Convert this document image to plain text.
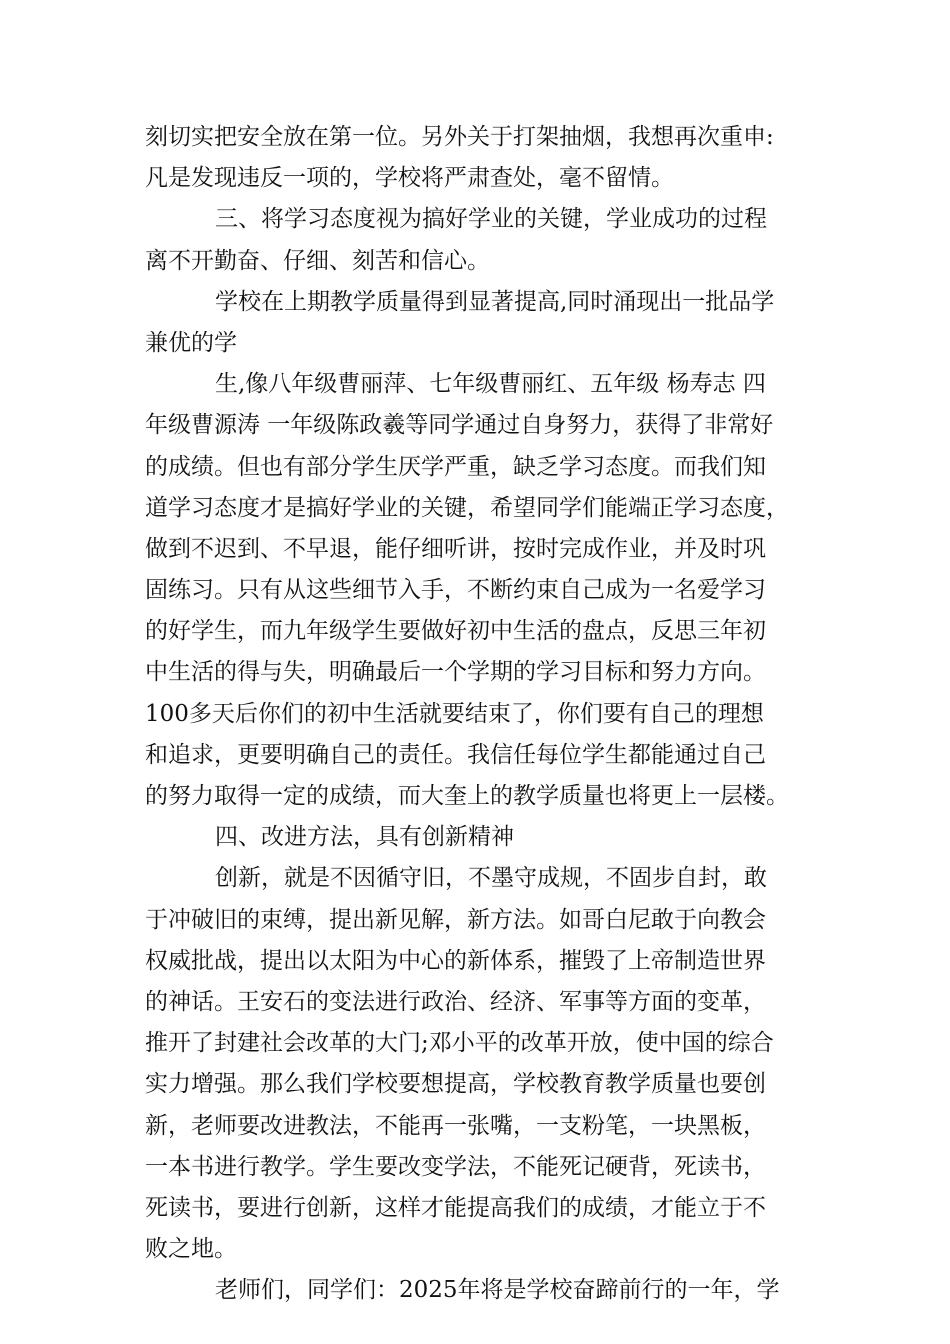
刻切实把安全放在第一位。另外关于打架抽烟，我想再次重申:
凡是发现违反一项的，学校将严肃查处，毫不留情。
三、将学习态度视为搞好学业的关键，学业成功的过程
离不开勤奋、仔细、刻苦和信心。
学校在上期教学质量得到显著提高,同时涌现出一批品学
兼优的学
生,像八年级曹丽萍、七年级曹丽红、五年级 杨寿志 四
年级曹源涛 一年级陈政羲等同学通过自身努力，获得了非常好
的成绩。但也有部分学生厌学严重，缺乏学习态度。而我们知
道学习态度才是搞好学业的关键，希望同学们能端正学习态度，
做到不迟到、不早退，能仔细听讲，按时完成作业，并及时巩
固练习。只有从这些细节入手，不断约束自己成为一名爱学习
的好学生，而九年级学生要做好初中生活的盘点，反思三年初
中生活的得与失，明确最后一个学期的学习目标和努力方向。
100多天后你们的初中生活就要结束了，你们要有自己的理想
和追求，更要明确自己的责任。我信任每位学生都能通过自己
的努力取得一定的成绩，而大奎上的教学质量也将更上一层楼。
四、改进方法，具有创新精神
创新，就是不因循守旧，不墨守成规，不固步自封，敢
于冲破旧的束缚，提出新见解，新方法。如哥白尼敢于向教会
权威批战，提出以太阳为中心的新体系，摧毁了上帝制造世界
的神话。王安石的变法进行政治、经济、军事等方面的变革，
推开了封建社会改革的大门;邓小平的改革开放，使中国的综合
实力增强。那么我们学校要想提高，学校教育教学质量也要创
新，老师要改进教法，不能再一张嘴，一支粉笔，一块黑板，
一本书进行教学。学生要改变学法，不能死记硬背，死读书，
死读书，要进行创新，这样才能提高我们的成绩，才能立于不
败之地。
老师们，同学们：2025年将是学校奋蹄前行的一年，学
